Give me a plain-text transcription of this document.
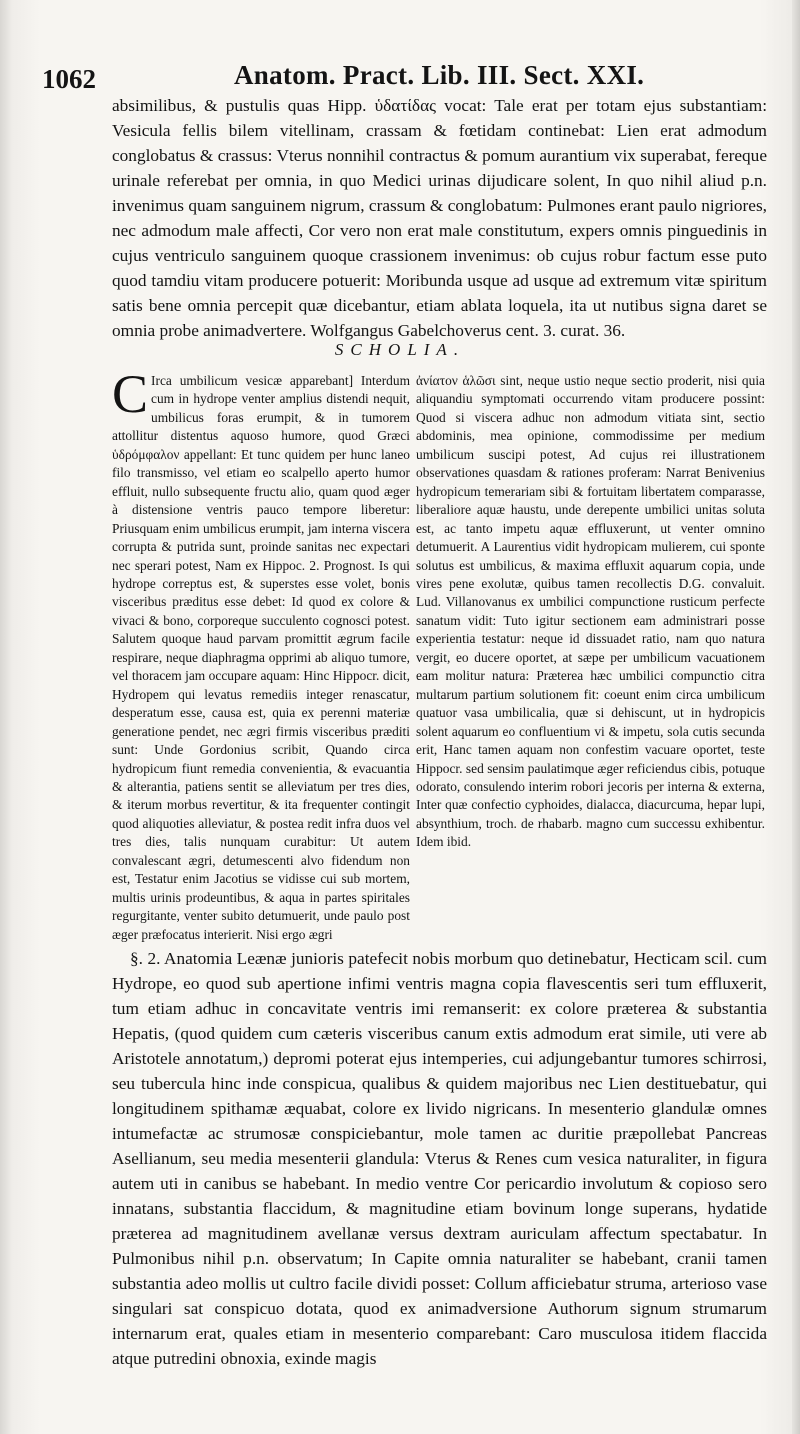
1062	Anatom. Pract. Lib. III. Sect. XXI.

absimilibus, & pustulis quas Hipp. ὑδατίδας vocat: Tale erat per totam ejus substantiam: Vesicula fellis bilem vitellinam, crassam & fœtidam continebat: Lien erat admodum conglobatus & crassus: Vterus nonnihil contractus & pomum aurantium vix superabat, fereque urinale referebat per omnia, in quo Medici urinas dijudicare solent, In quo nihil aliud p.n. invenimus quam sanguinem nigrum, crassum & conglobatum: Pulmones erant paulo nigriores, nec admodum male affecti, Cor vero non erat male constitutum, expers omnis pinguedinis in cujus ventriculo sanguinem quoque crassionem invenimus: ob cujus robur factum esse puto quod tamdiu vitam producere potuerit: Moribunda usque ad usque ad extremum vitæ spiritum satis bene omnia percepit quæ dicebantur, etiam ablata loquela, ita ut nutibus signa daret se omnia probe animadvertere. Wolfgangus Gabelchoverus cent. 3. curat. 36.

SCHOLIA.
C Irca umbilicum vesicæ apparebant] Interdum cum in hydrope venter amplius distendi nequit, umbilicus foras erumpit, & in tumorem attollitur distentus aquoso humore, quod Græci ὑδρόμφαλον appellant: Et tunc quidem per hunc laneo filo transmisso, vel etiam eo scalpello aperto humor effluit, nullo subsequente fructu alio, quam quod æger à distensione ventris pauco tempore liberetur: Priusquam enim umbilicus erumpit, jam interna viscera corrupta & putrida sunt, proinde sanitas nec expectari nec sperari potest, Nam ex Hippoc. 2. Prognost. Is qui hydrope correptus est, & superstes esse volet, bonis visceribus præditus esse debet: Id quod ex colore & vivaci & bono, corporeque succulento cognosci potest. Salutem quoque haud parvam promittit ægrum facile respirare, neque diaphragma opprimi ab aliquo tumore, vel thoracem jam occupare aquam: Hinc Hippocr. dicit, Hydropem qui levatus remediis integer renascatur, desperatum esse, causa est, quia ex perenni materiæ generatione pendet, nec ægri firmis visceribus præditi sunt: Unde Gordonius scribit, Quando circa hydropicum fiunt remedia convenientia, & evacuantia & alterantia, patiens sentit se alleviatum per tres dies, & iterum morbus revertitur, & ita frequenter contingit quod aliquoties alleviatur, & postea redit infra duos vel tres dies, talis nunquam curabitur: Ut autem convalescant ægri, detumescenti alvo fidendum non est, Testatur enim Jacotius se vidisse cui sub mortem, multis urinis prodeuntibus, & aqua in partes spiritales regurgitante, venter subito detumuerit, unde paulo post æger præfocatus interierit. Nisi ergo ægri

ἀνίατον ἁλῶσι sint, neque ustio neque sectio proderit, nisi quia aliquandiu symptomati occurrendo vitam producere possint: Quod si viscera adhuc non admodum vitiata sint, sectio abdominis, mea opinione, commodissime per medium umbilicum suscipi potest, Ad cujus rei illustrationem observationes quasdam & rationes proferam: Narrat Benivenius hydropicum temerariam sibi & fortuitam libertatem comparasse, liberaliore aquæ haustu, unde derepente umbilici unitas soluta est, ac tanto impetu aquæ effluxerunt, ut venter omnino detumuerit. A Laurentius vidit hydropicam mulierem, cui sponte solutus est umbilicus, & maxima effluxit aquarum copia, unde vires pene exolutæ, quibus tamen recollectis D.G. convaluit. Lud. Villanovanus ex umbilici compunctione rusticum perfecte sanatum vidit: Tuto igitur sectionem eam administrari posse experientia testatur: neque id dissuadet ratio, nam quo natura vergit, eo ducere oportet, at sæpe per umbilicum vacuationem eam molitur natura: Præterea hæc umbilici compunctio citra multarum partium solutionem fit: coeunt enim circa umbilicum quatuor vasa umbilicalia, quæ si dehiscunt, ut in hydropicis solent aquarum eo confluentium vi & impetu, sola cutis secunda erit, Hanc tamen aquam non confestim vacuare oportet, teste Hippocr. sed sensim paulatimque æger reficiendus cibis, potuque odorato, consulendo interim robori jecoris per interna & externa, Inter quæ confectio cyphoides, dialacca, diacurcuma, hepar lupi, absynthium, troch. de rhabarb. magno cum successu exhibentur. Idem ibid.

§. 2. Anatomia Leænæ junioris patefecit nobis morbum quo detinebatur, Hecticam scil. cum Hydrope, eo quod sub apertione infimi ventris magna copia flavescentis seri tum effluxerit, tum etiam adhuc in concavitate ventris imi remanserit: ex colore præterea & substantia Hepatis, (quod quidem cum cæteris visceribus canum extis admodum erat simile, uti vere ab Aristotele annotatum,) depromi poterat ejus intemperies, cui adjungebantur tumores schirrosi, seu tubercula hinc inde conspicua, qualibus & quidem majoribus nec Lien destituebatur, qui longitudinem spithamæ æquabat, colore ex livido nigricans. In mesenterio glandulæ omnes intumefactæ ac strumosæ conspiciebantur, mole tamen ac duritie præpollebat Pancreas Asellianum, seu media mesenterii glandula: Vterus & Renes cum vesica naturaliter, in figura autem uti in canibus se habebant. In medio ventre Cor pericardio involutum & copioso sero innatans, substantia flaccidum, & magnitudine etiam bovinum longe superans, hydatide præterea ad magnitudinem avellanæ versus dextram auriculam affectum spectabatur. In Pulmonibus nihil p.n. observatum; In Capite omnia naturaliter se habebant, cranii tamen substantia adeo mollis ut cultro facile dividi posset: Collum afficiebatur struma, arterioso vase singulari sat conspicuo dotata, quod ex animadversione Authorum signum strumarum internarum erat, quales etiam in mesenterio comparebant: Caro musculosa itidem flaccida atque putredini obnoxia, exinde magis
